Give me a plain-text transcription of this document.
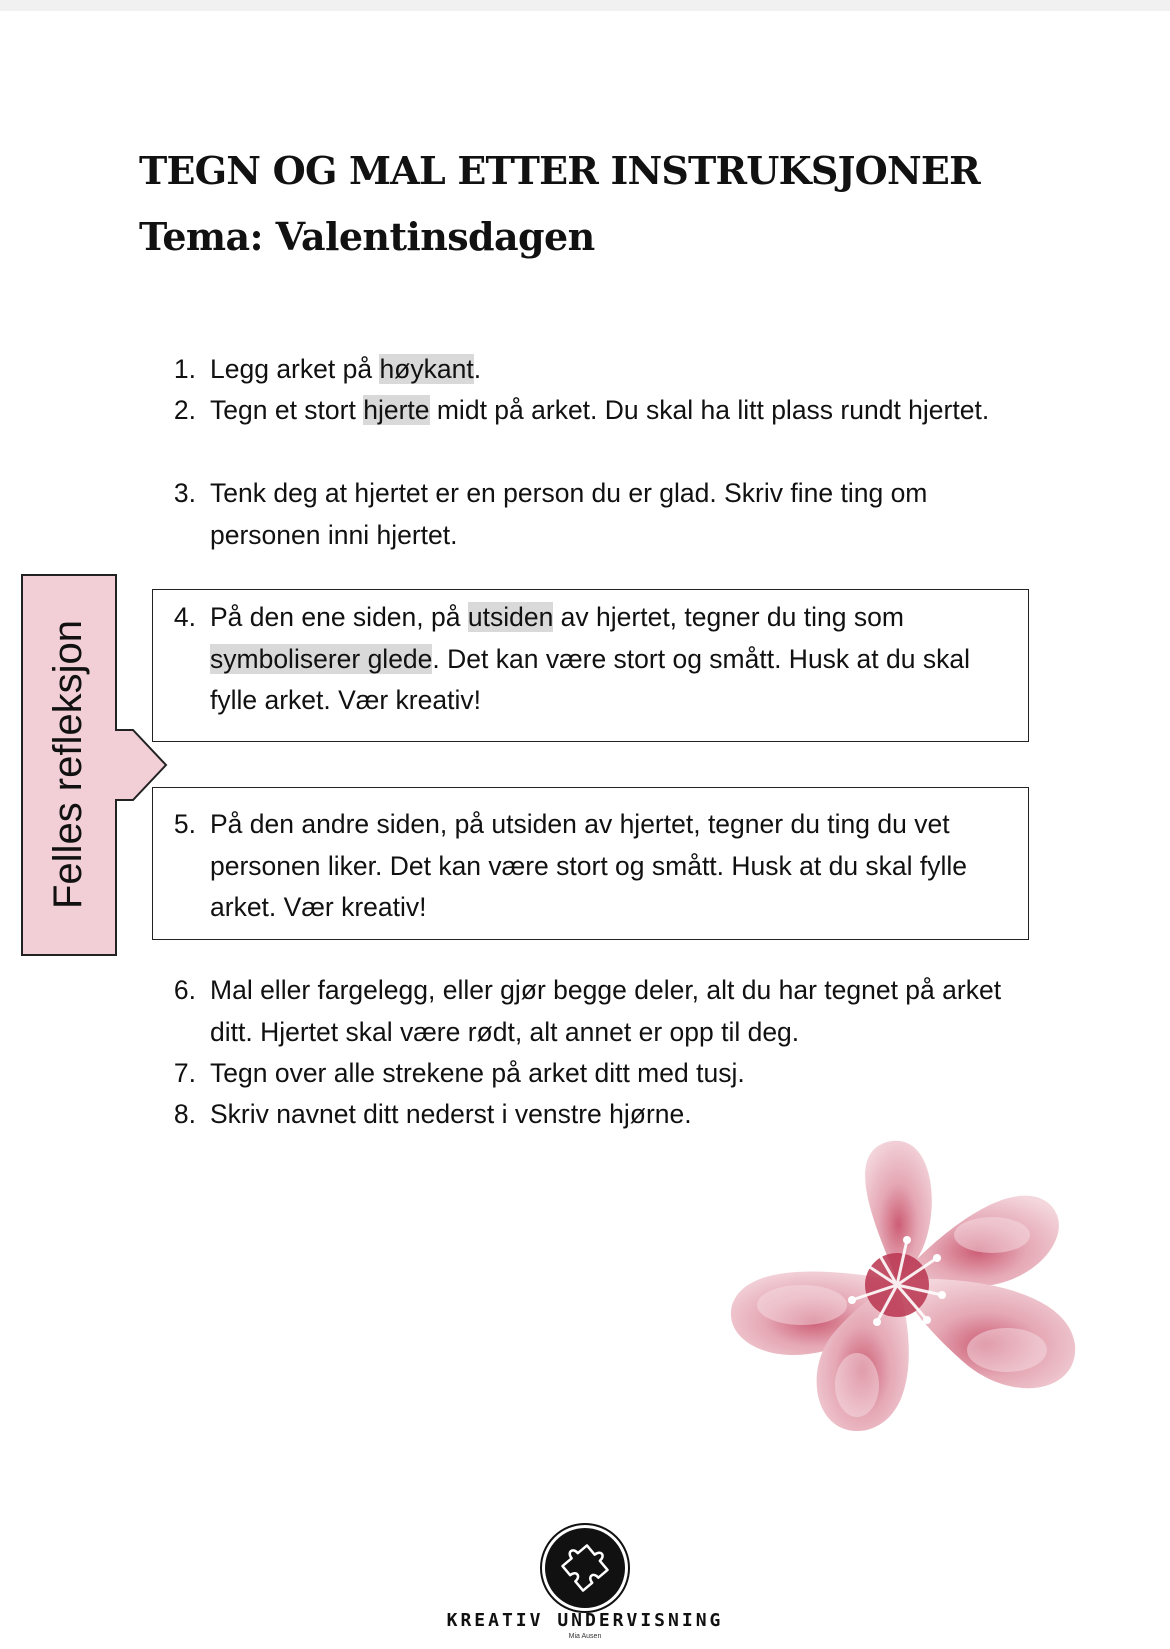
TEGN OG MAL ETTER INSTRUKSJONER
Tema: Valentinsdagen
Felles refleksjon
1. Legg arket på høykant.
2. Tegn et stort hjerte midt på arket. Du skal ha litt plass rundt hjertet.
3. Tenk deg at hjertet er en person du er glad. Skriv fine ting om personen inni hjertet.
4. På den ene siden, på utsiden av hjertet, tegner du ting som symboliserer glede. Det kan være stort og smått. Husk at du skal fylle arket. Vær kreativ!
5. På den andre siden, på utsiden av hjertet, tegner du ting du vet personen liker. Det kan være stort og smått. Husk at du skal fylle arket. Vær kreativ!
6. Mal eller fargelegg, eller gjør begge deler, alt du har tegnet på arket ditt. Hjertet skal være rødt, alt annet er opp til deg.
7. Tegn over alle strekene på arket ditt med tusj.
8. Skriv navnet ditt nederst i venstre hjørne.
KREATIV UNDERVISNING
Mia Ausen
